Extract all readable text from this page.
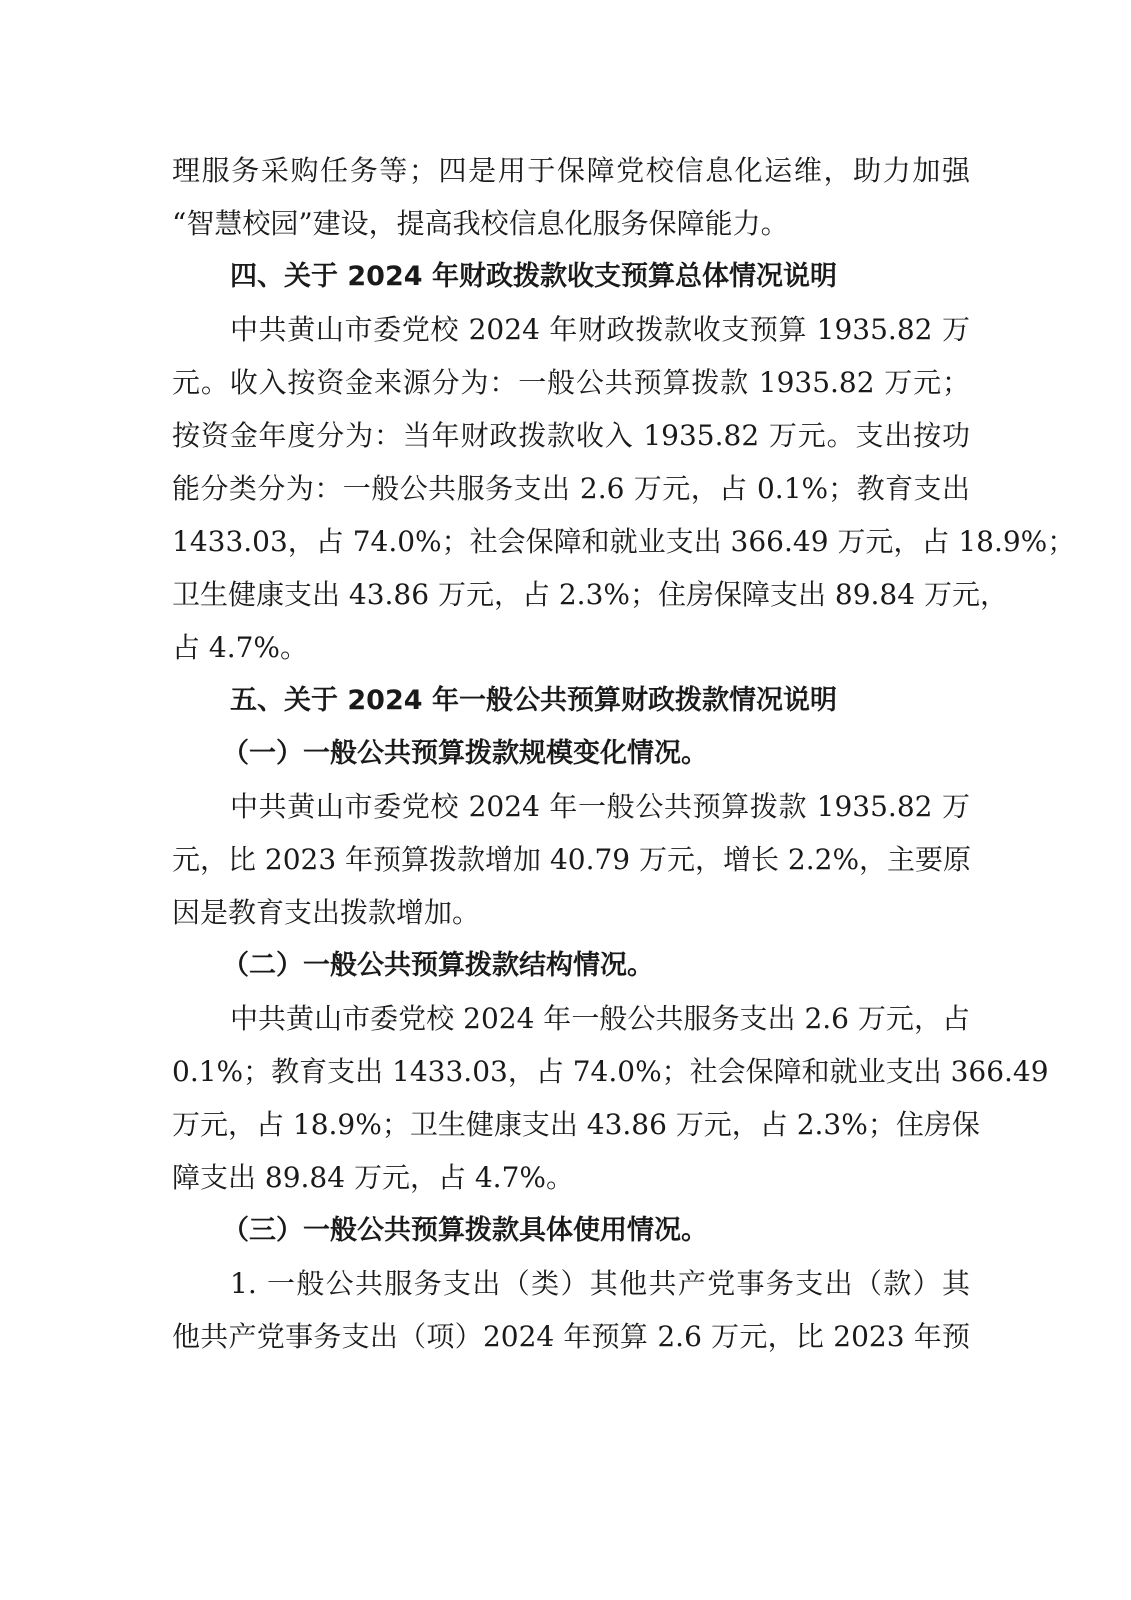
理服务采购任务等；四是用于保障党校信息化运维，助力加强
“智慧校园”建设，提高我校信息化服务保障能力。
四、关于 2024 年财政拨款收支预算总体情况说明
中共黄山市委党校 2024 年财政拨款收支预算 1935.82 万
元。收入按资金来源分为：一般公共预算拨款 1935.82 万元；
按资金年度分为：当年财政拨款收入 1935.82 万元。支出按功
能分类分为：一般公共服务支出 2.6 万元，占 0.1%；教育支出
1433.03，占 74.0%；社会保障和就业支出 366.49 万元，占 18.9%；
卫生健康支出 43.86 万元，占 2.3%；住房保障支出 89.84 万元，
占 4.7%。
五、关于 2024 年一般公共预算财政拨款情况说明
（一）一般公共预算拨款规模变化情况。
中共黄山市委党校 2024 年一般公共预算拨款 1935.82 万
元，比 2023 年预算拨款增加 40.79 万元，增长 2.2%，主要原
因是教育支出拨款增加。
（二）一般公共预算拨款结构情况。
中共黄山市委党校 2024 年一般公共服务支出 2.6 万元，占
0.1%；教育支出 1433.03，占 74.0%；社会保障和就业支出 366.49
万元，占 18.9%；卫生健康支出 43.86 万元，占 2.3%；住房保
障支出 89.84 万元，占 4.7%。
（三）一般公共预算拨款具体使用情况。
1. 一般公共服务支出（类）其他共产党事务支出（款）其
他共产党事务支出（项）2024 年预算 2.6 万元，比 2023 年预
